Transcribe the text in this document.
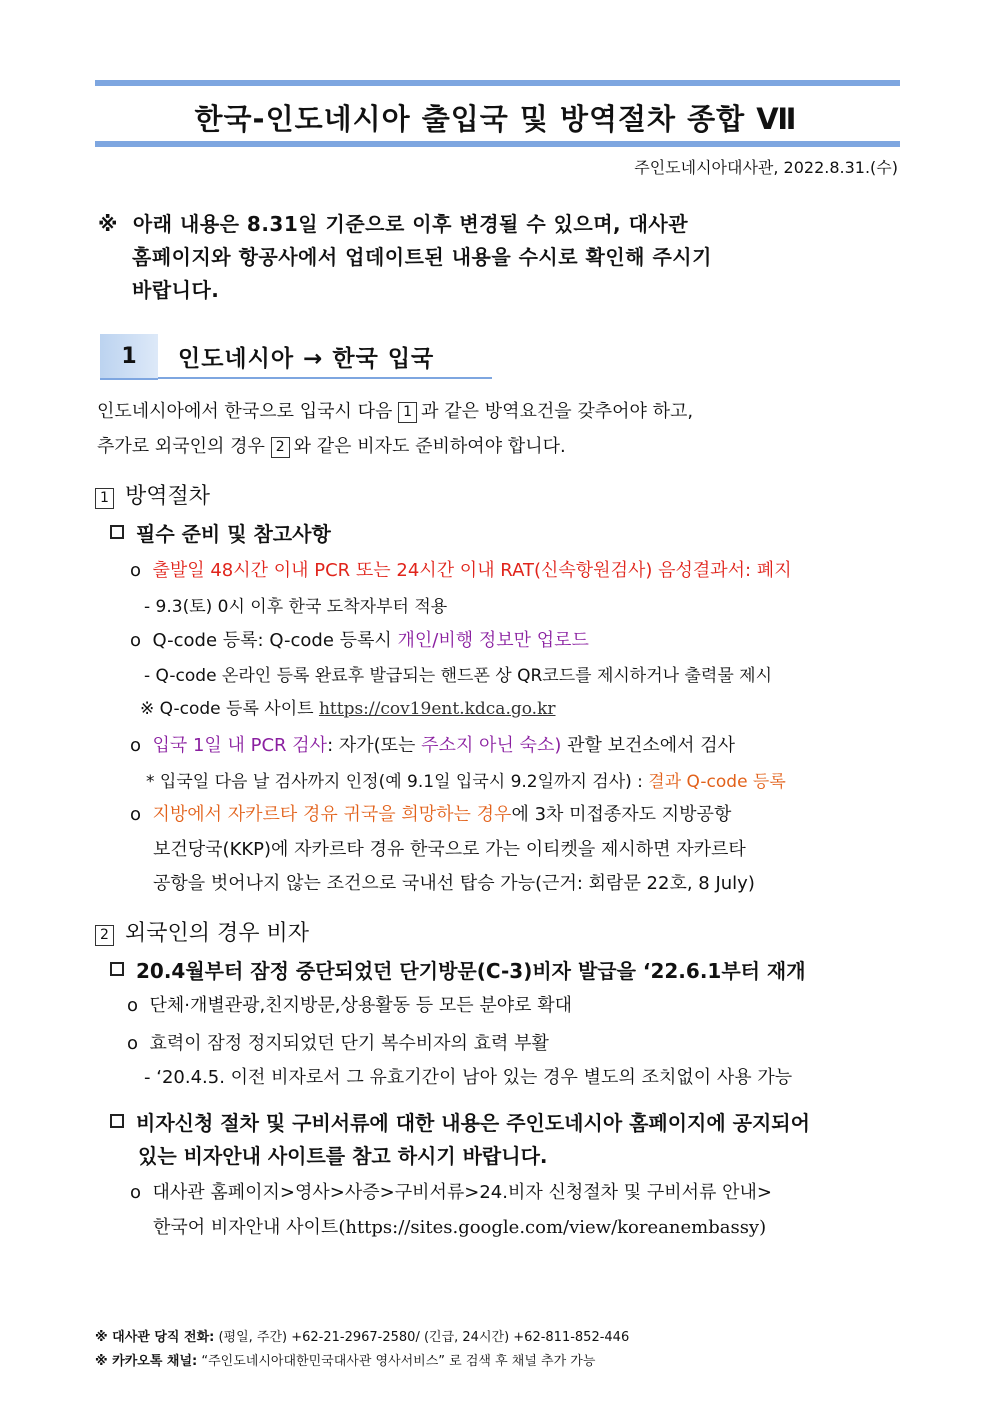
한국-인도네시아 출입국 및 방역절차 종합 Ⅶ
주인도네시아대사관, 2022.8.31.(수)
※ 아래 내용은 8.31일 기준으로 이후 변경될 수 있으며, 대사관
홈페이지와 항공사에서 업데이트된 내용을 수시로 확인해 주시기
바랍니다.
1	인도네시아 → 한국 입국
인도네시아에서 한국으로 입국시 다음 1 과 같은 방역요건을 갖추어야 하고,
추가로 외국인의 경우 2 와 같은 비자도 준비하여야 합니다.
1 방역절차
필수 준비 및 참고사항
o 출발일 48시간 이내 PCR 또는 24시간 이내 RAT(신속항원검사) 음성결과서: 폐지
- 9.3(토) 0시 이후 한국 도착자부터 적용
o Q-code 등록: Q-code 등록시 개인/비행 정보만 업로드
- Q-code 온라인 등록 완료후 발급되는 핸드폰 상 QR코드를 제시하거나 출력물 제시
※ Q-code 등록 사이트 https://cov19ent.kdca.go.kr
o 입국 1일 내 PCR 검사: 자가(또는 주소지 아닌 숙소) 관할 보건소에서 검사
* 입국일 다음 날 검사까지 인정(예 9.1일 입국시 9.2일까지 검사) : 결과 Q-code 등록
o 지방에서 자카르타 경유 귀국을 희망하는 경우에 3차 미접종자도 지방공항
보건당국(KKP)에 자카르타 경유 한국으로 가는 이티켓을 제시하면 자카르타
공항을 벗어나지 않는 조건으로 국내선 탑승 가능(근거: 회람문 22호, 8 July)
2 외국인의 경우 비자
20.4월부터 잠정 중단되었던 단기방문(C-3)비자 발급을 ‘22.6.1부터 재개
o 단체·개별관광,친지방문,상용활동 등 모든 분야로 확대
o 효력이 잠정 정지되었던 단기 복수비자의 효력 부활
- ‘20.4.5. 이전 비자로서 그 유효기간이 남아 있는 경우 별도의 조치없이 사용 가능
비자신청 절차 및 구비서류에 대한 내용은 주인도네시아 홈페이지에 공지되어
있는 비자안내 사이트를 참고 하시기 바랍니다.
o 대사관 홈페이지>영사>사증>구비서류>24.비자 신청절차 및 구비서류 안내>
한국어 비자안내 사이트(https://sites.google.com/view/koreanembassy)
※ 대사관 당직 전화: (평일, 주간) +62-21-2967-2580/ (긴급, 24시간) +62-811-852-446
※ 카카오톡 채널: “주인도네시아대한민국대사관 영사서비스” 로 검색 후 채널 추가 가능
